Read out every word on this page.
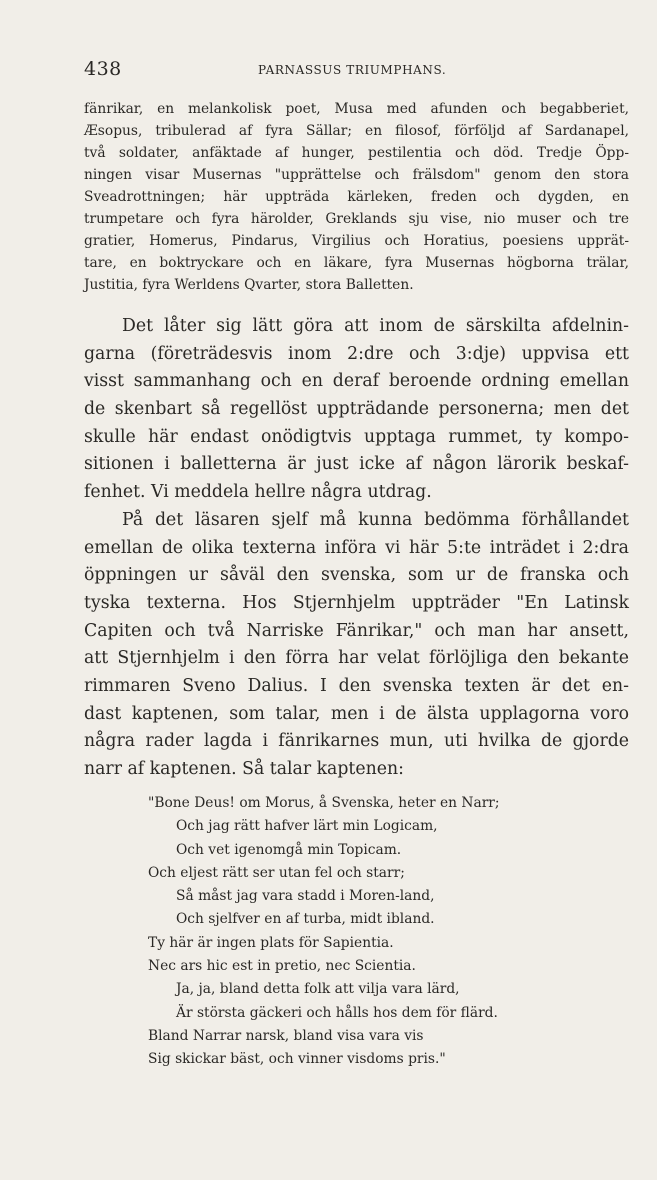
438	PARNASSUS TRIUMPHANS.
fänrikar, en melankolisk poet, Musa med afunden och begabberiet,
Æsopus, tribulerad af fyra Sällar; en filosof, förföljd af Sardanapel,
två soldater, anfäktade af hunger, pestilentia och död. Tredje Öpp-
ningen visar Musernas "upprättelse och frälsdom" genom den stora
Sveadrottningen; här uppträda kärleken, freden och dygden, en
trumpetare och fyra härolder, Greklands sju vise, nio muser och tre
gratier, Homerus, Pindarus, Virgilius och Horatius, poesiens upprät-
tare, en boktryckare och en läkare, fyra Musernas högborna trälar,
Justitia, fyra Werldens Qvarter, stora Balletten.
Det låter sig lätt göra att inom de särskilta afdelnin-
garna (företrädesvis inom 2:dre och 3:dje) uppvisa ett
visst sammanhang och en deraf beroende ordning emellan
de skenbart så regellöst uppträdande personerna; men det
skulle här endast onödigtvis upptaga rummet, ty kompo-
sitionen i balletterna är just icke af någon lärorik beskaf-
fenhet. Vi meddela hellre några utdrag.
På det läsaren sjelf må kunna bedömma förhållandet
emellan de olika texterna införa vi här 5:te inträdet i 2:dra
öppningen ur såväl den svenska, som ur de franska och
tyska texterna. Hos Stjernhjelm uppträder "En Latinsk
Capiten och två Narriske Fänrikar," och man har ansett,
att Stjernhjelm i den förra har velat förlöjliga den bekante
rimmaren Sveno Dalius. I den svenska texten är det en-
dast kaptenen, som talar, men i de älsta upplagorna voro
några rader lagda i fänrikarnes mun, uti hvilka de gjorde
narr af kaptenen. Så talar kaptenen:
"Bone Deus! om Morus, å Svenska, heter en Narr;
Och jag rätt hafver lärt min Logicam,
Och vet igenomgå min Topicam.
Och eljest rätt ser utan fel och starr;
Så måst jag vara stadd i Moren-land,
Och sjelfver en af turba, midt ibland.
Ty här är ingen plats för Sapientia.
Nec ars hic est in pretio, nec Scientia.
Ja, ja, bland detta folk att vilja vara lärd,
Är största gäckeri och hålls hos dem för flärd.
Bland Narrar narsk, bland visa vara vis
Sig skickar bäst, och vinner visdoms pris."
